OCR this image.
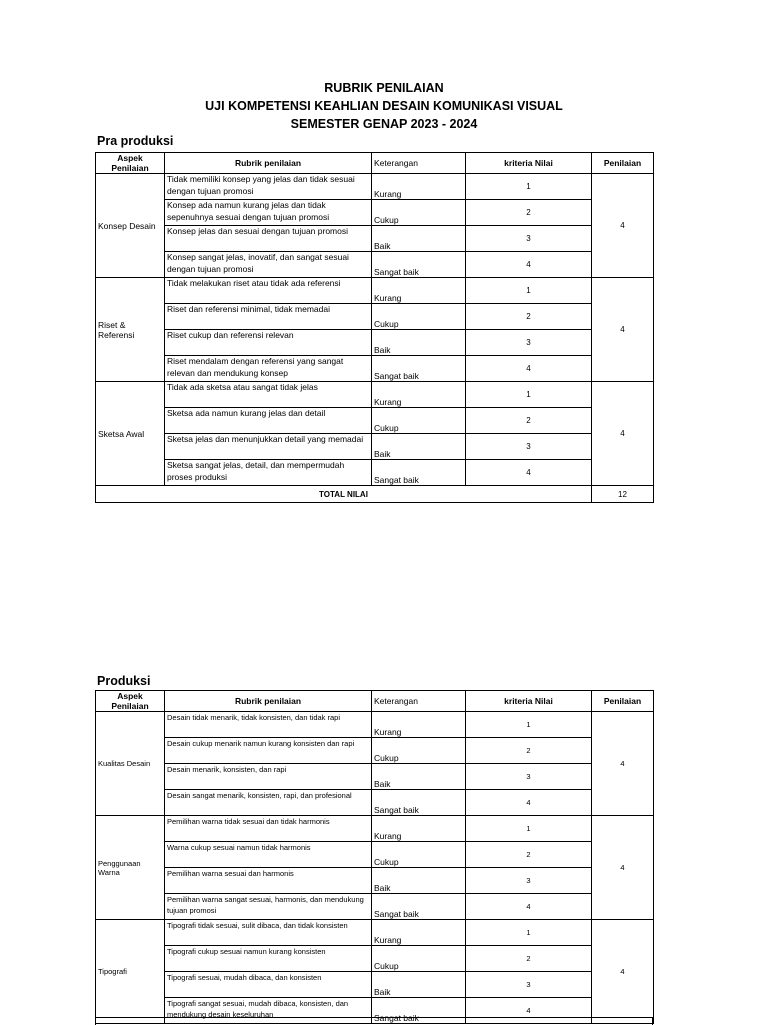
RUBRIK PENILAIAN
UJI KOMPETENSI KEAHLIAN DESAIN KOMUNIKASI VISUAL
SEMESTER GENAP 2023 - 2024
Pra produksi
Aspek Penilaian	Rubrik penilaian	Keterangan	kriteria Nilai	Penilaian
Konsep Desain	Tidak memiliki konsep yang jelas dan tidak sesuai dengan tujuan promosi	Kurang	1	4
	Konsep ada namun kurang jelas dan tidak sepenuhnya sesuai dengan tujuan promosi	Cukup	2	
	Konsep jelas dan sesuai dengan tujuan promosi	Baik	3	
	Konsep sangat jelas, inovatif, dan sangat sesuai dengan tujuan promosi	Sangat baik	4	
Riset & Referensi	Tidak melakukan riset atau tidak ada referensi	Kurang	1	4
	Riset dan referensi minimal, tidak memadai	Cukup	2	
	Riset cukup dan referensi relevan	Baik	3	
	Riset mendalam dengan referensi yang sangat relevan dan mendukung konsep	Sangat baik	4	
Sketsa Awal	Tidak ada sketsa atau sangat tidak jelas	Kurang	1	4
	Sketsa ada namun kurang jelas dan detail	Cukup	2	
	Sketsa jelas dan menunjukkan detail yang memadai	Baik	3	
	Sketsa sangat jelas, detail, dan mempermudah proses produksi	Sangat baik	4	
TOTAL NILAI				12
Produksi
Aspek Penilaian	Rubrik penilaian	Keterangan	kriteria Nilai	Penilaian
Kualitas Desain	Desain tidak menarik, tidak konsisten, dan tidak rapi	Kurang	1	4
	Desain cukup menarik namun kurang konsisten dan rapi	Cukup	2	
	Desain menarik, konsisten, dan rapi	Baik	3	
	Desain sangat menarik, konsisten, rapi, dan profesional	Sangat baik	4	
Penggunaan Warna	Pemilihan warna tidak sesuai dan tidak harmonis	Kurang	1	4
	Warna cukup sesuai namun tidak harmonis	Cukup	2	
	Pemilihan warna sesuai dan harmonis	Baik	3	
	Pemilihan warna sangat sesuai, harmonis, dan mendukung tujuan promosi	Sangat baik	4	
Tipografi	Tipografi tidak sesuai, sulit dibaca, dan tidak konsisten	Kurang	1	4
	Tipografi cukup sesuai namun kurang konsisten	Cukup	2	
	Tipografi sesuai, mudah dibaca, dan konsisten	Baik	3	
	Tipografi sangat sesuai, mudah dibaca, konsisten, dan mendukung desain keseluruhan	Sangat baik	4	
